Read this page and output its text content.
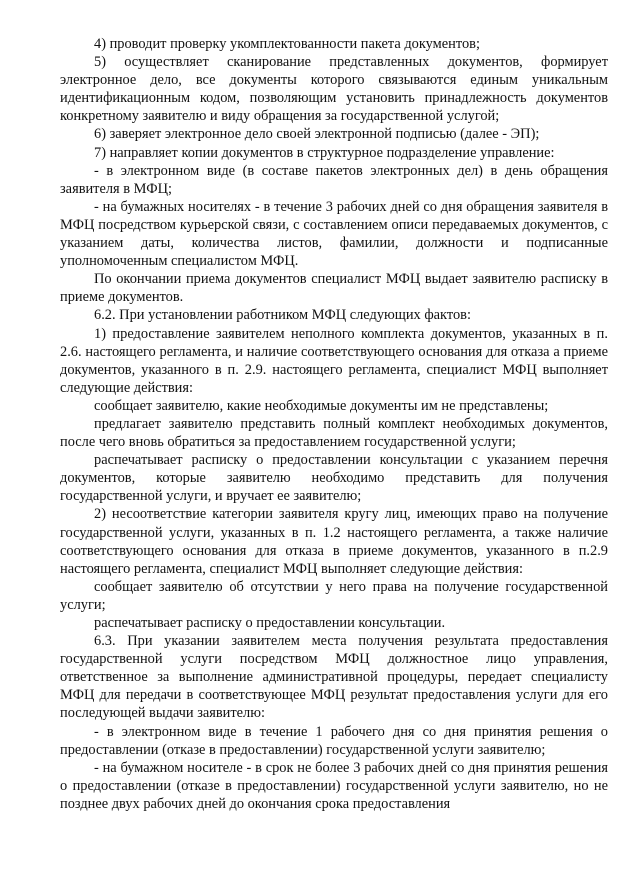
4) проводит проверку укомплектованности пакета документов;

5) осуществляет сканирование представленных документов, формирует электронное дело, все документы которого связываются единым уникальным идентификационным кодом, позволяющим установить принадлежность документов конкретному заявителю и виду обращения за государственной услугой;

6) заверяет электронное дело своей электронной подписью (далее - ЭП);

7) направляет копии документов в структурное подразделение управление:

- в электронном виде (в составе пакетов электронных дел) в день обращения заявителя в МФЦ;

- на бумажных носителях - в течение 3 рабочих дней со дня обращения заявителя в МФЦ посредством курьерской связи, с составлением описи передаваемых документов, с указанием даты, количества листов, фамилии, должности и подписанные уполномоченным специалистом МФЦ.

По окончании приема документов специалист МФЦ выдает заявителю расписку в приеме документов.

6.2. При установлении работником МФЦ следующих фактов:

1) предоставление заявителем неполного комплекта документов, указанных в п. 2.6. настоящего регламента, и наличие соответствующего основания для отказа а приеме документов, указанного в п. 2.9. настоящего регламента, специалист МФЦ выполняет следующие действия:

сообщает заявителю, какие необходимые документы им не представлены;

предлагает заявителю представить полный комплект необходимых документов, после чего вновь обратиться за предоставлением государственной услуги;

распечатывает расписку о предоставлении консультации с указанием перечня документов, которые заявителю необходимо представить для получения государственной услуги, и вручает ее заявителю;

2) несоответствие категории заявителя кругу лиц, имеющих право на получение государственной услуги, указанных в п. 1.2 настоящего регламента, а также наличие соответствующего основания для отказа в приеме документов, указанного в п.2.9 настоящего регламента, специалист МФЦ выполняет следующие действия:

сообщает заявителю об отсутствии у него права на получение государственной услуги;

распечатывает расписку о предоставлении консультации.

6.3. При указании заявителем места получения результата предоставления государственной услуги посредством МФЦ должностное лицо управления, ответственное за выполнение административной процедуры, передает специалисту МФЦ для передачи в соответствующее МФЦ результат предоставления услуги для его последующей выдачи заявителю:

- в электронном виде в течение 1 рабочего дня со дня принятия решения о предоставлении (отказе в предоставлении) государственной услуги заявителю;

- на бумажном носителе - в срок не более 3 рабочих дней со дня принятия решения о предоставлении (отказе в предоставлении) государственной услуги заявителю, но не позднее двух рабочих дней до окончания срока предоставления
